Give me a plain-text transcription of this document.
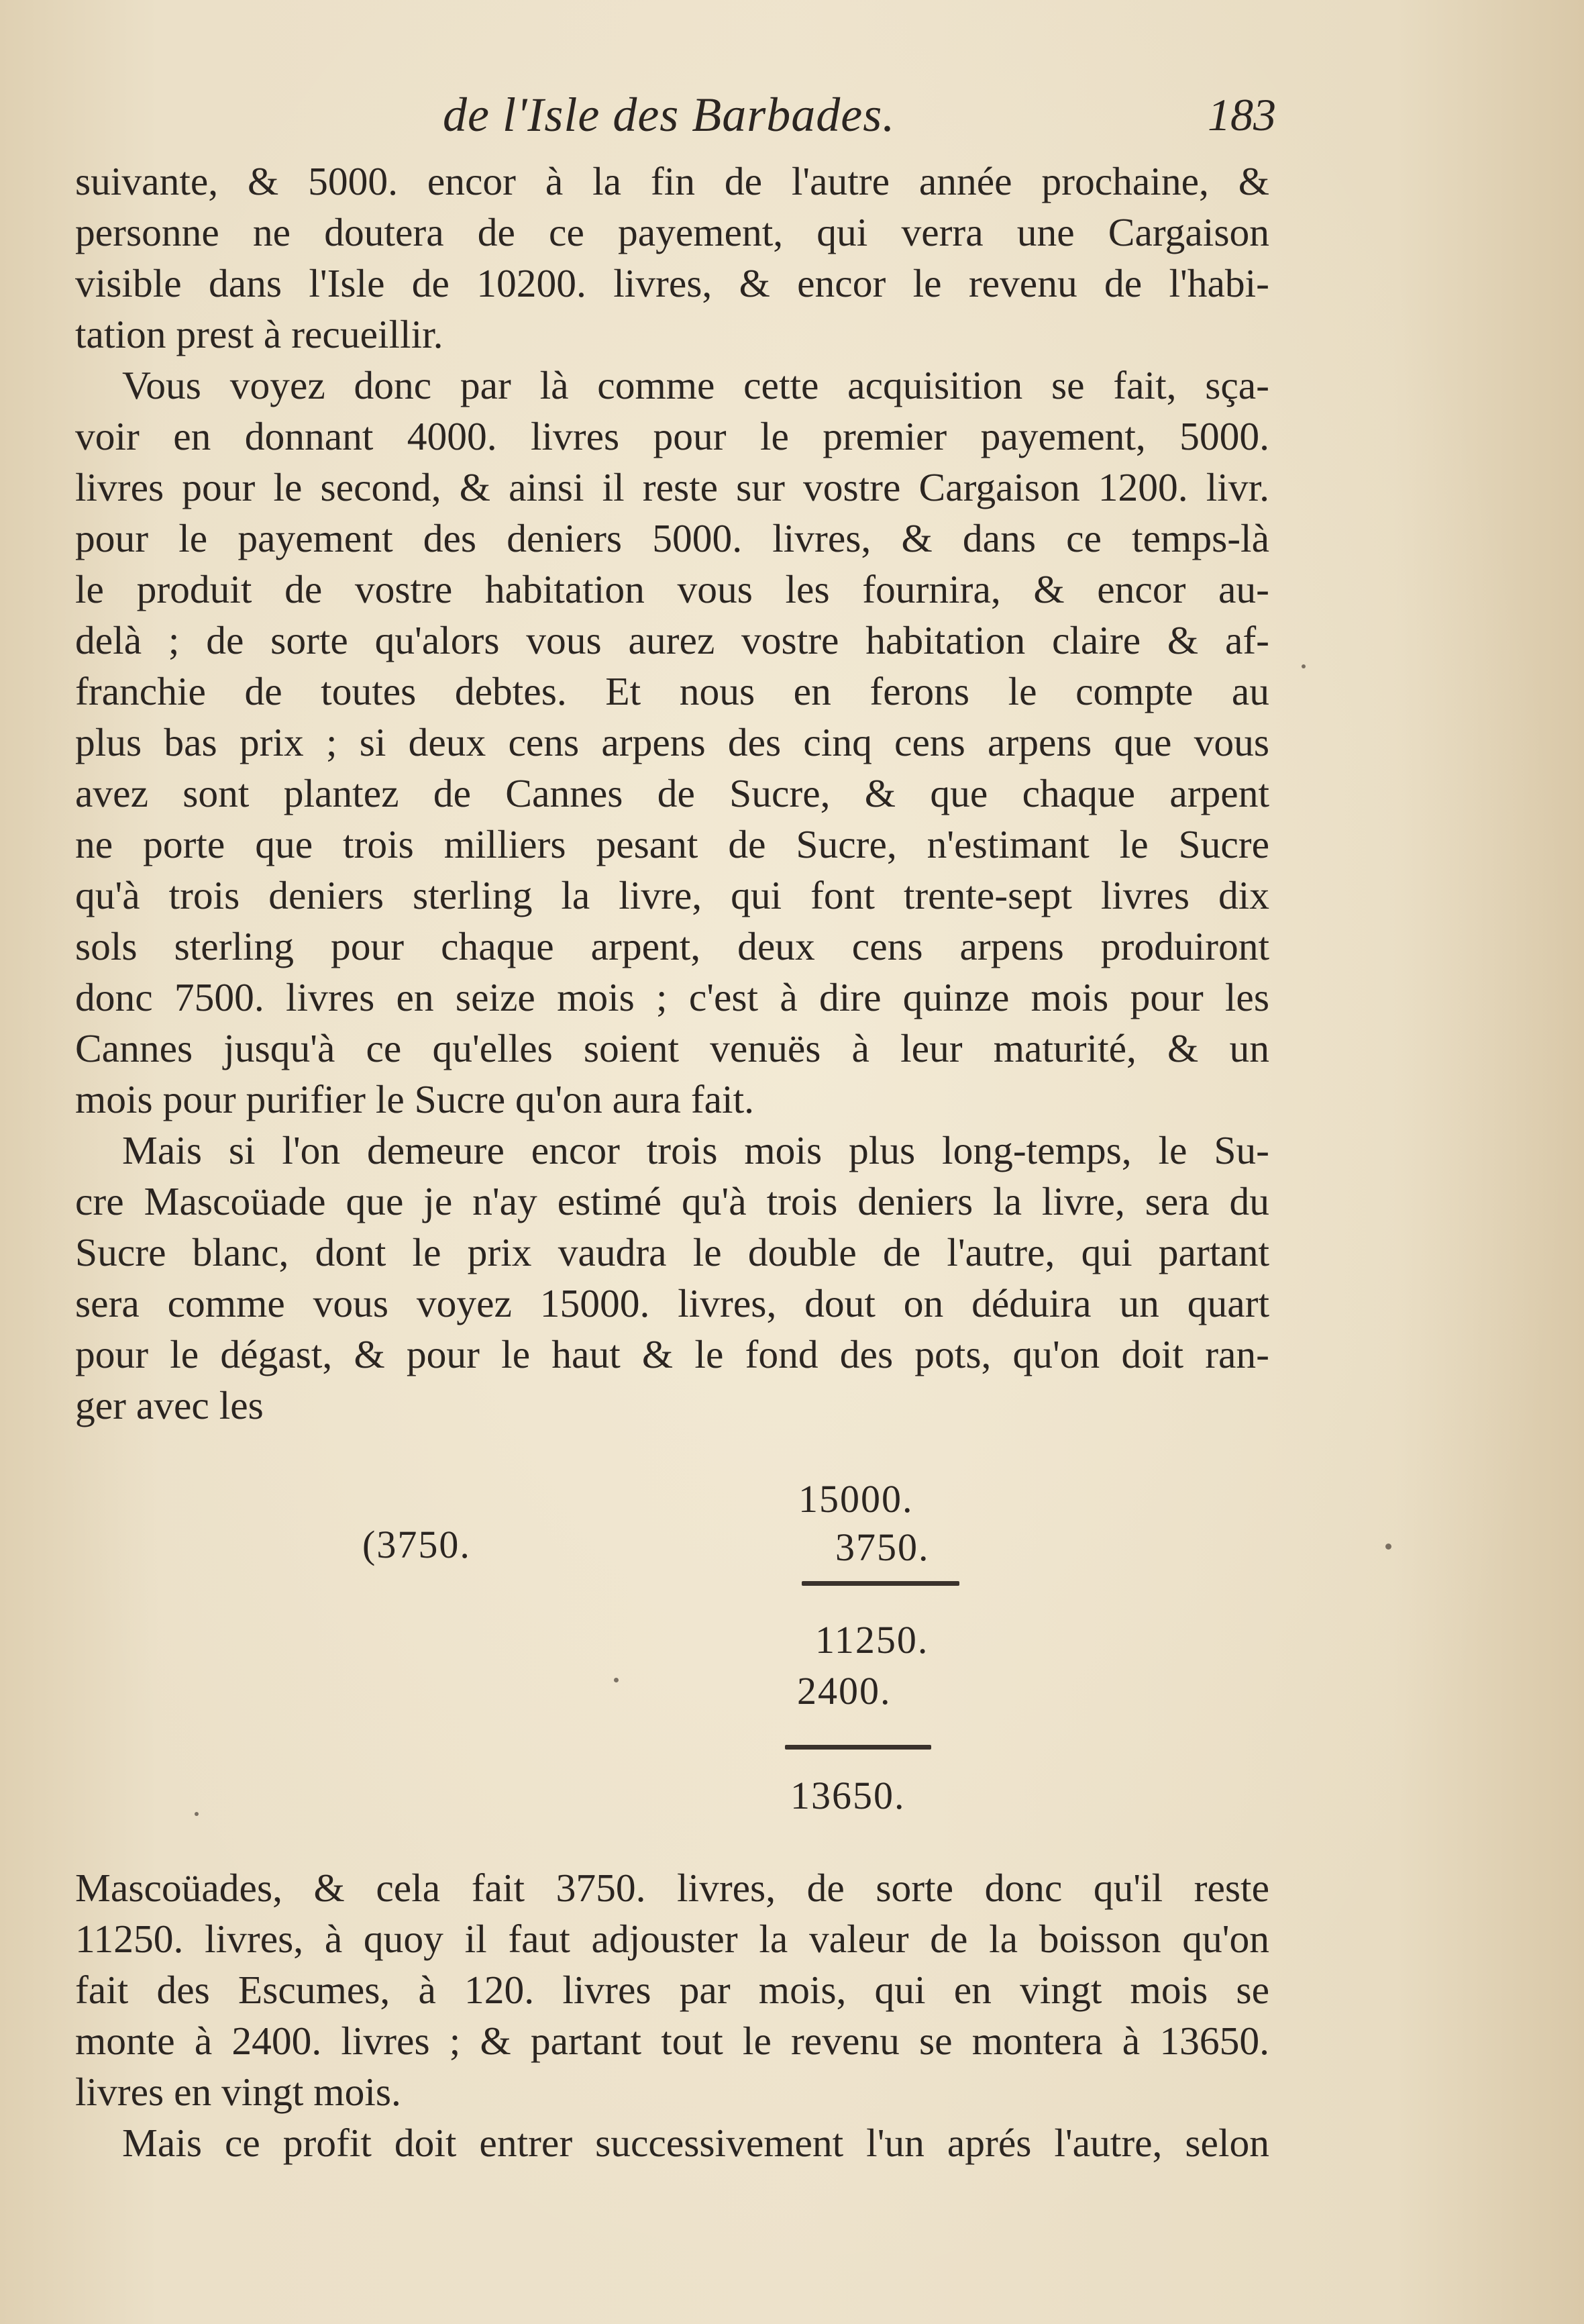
de l'Isle des Barbades.	183
suivante, & 5000. encor à la fin de l'autre année prochaine, &
personne ne doutera de ce payement, qui verra une Cargaison
visible dans l'Isle de 10200. livres, & encor le revenu de l'habi-
tation prest à recueillir.
Vous voyez donc par là comme cette acquisition se fait, sça-
voir en donnant 4000. livres pour le premier payement, 5000.
livres pour le second, & ainsi il reste sur vostre Cargaison 1200. livr.
pour le payement des deniers 5000. livres, & dans ce temps-là
le produit de vostre habitation vous les fournira, & encor au-
delà ; de sorte qu'alors vous aurez vostre habitation claire & af-
franchie de toutes debtes. Et nous en ferons le compte au
plus bas prix ; si deux cens arpens des cinq cens arpens que vous
avez sont plantez de Cannes de Sucre, & que chaque arpent
ne porte que trois milliers pesant de Sucre, n'estimant le Sucre
qu'à trois deniers sterling la livre, qui font trente-sept livres dix
sols sterling pour chaque arpent, deux cens arpens produiront
donc 7500. livres en seize mois ; c'est à dire quinze mois pour les
Cannes jusqu'à ce qu'elles soient venuës à leur maturité, & un
mois pour purifier le Sucre qu'on aura fait.
Mais si l'on demeure encor trois mois plus long-temps, le Su-
cre Mascoüade que je n'ay estimé qu'à trois deniers la livre, sera du
Sucre blanc, dont le prix vaudra le double de l'autre, qui partant
sera comme vous voyez 15000. livres, dout on déduira un quart
pour le dégast, & pour le haut & le fond des pots, qu'on doit ran-
ger avec les
(3750.
15000.
3750.
11250.
2400.
13650.
Mascoüades, & cela fait 3750. livres, de sorte donc qu'il reste
11250. livres, à quoy il faut adjouster la valeur de la boisson qu'on
fait des Escumes, à 120. livres par mois, qui en vingt mois se
monte à 2400. livres ; & partant tout le revenu se montera à 13650.
livres en vingt mois.
Mais ce profit doit entrer successivement l'un aprés l'autre, selon
